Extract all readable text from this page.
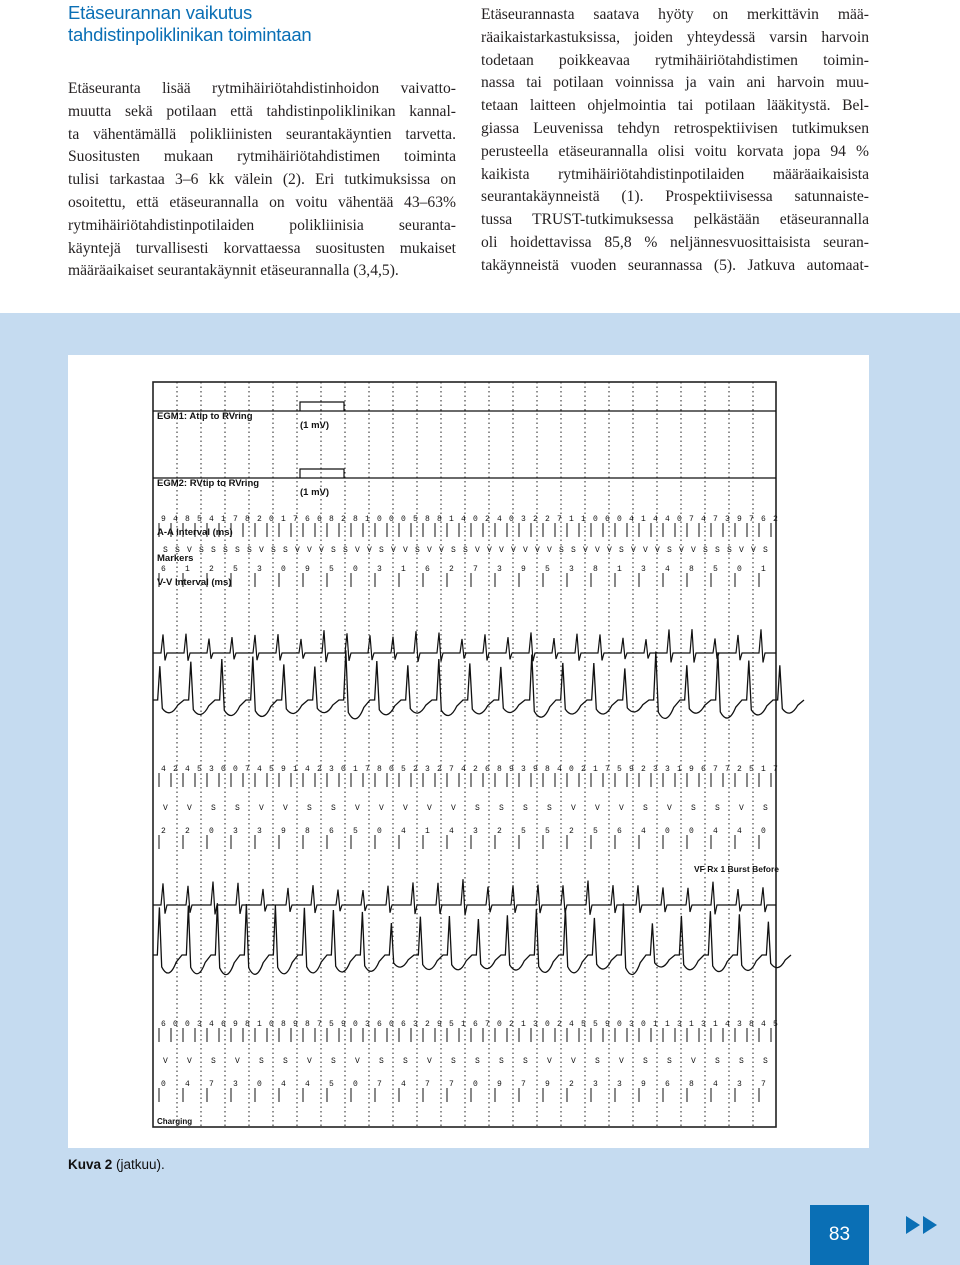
Etäseurannan vaikutus
tahdistinpoliklinikan toimintaan

Etäseuranta lisää rytmihäiriötahdistinhoidon vaivatto-
muutta sekä potilaan että tahdistinpoliklinikan kannal-
ta vähentämällä polikliinisten seurantakäyntien tarvetta.
Suositusten mukaan rytmihäiriötahdistimen toiminta
tulisi tarkastaa 3–6 kk välein (2). Eri tutkimuksissa on
osoitettu, että etäseurannalla on voitu vähentää 43–63%
rytmihäiriötahdistinpotilaiden polikliinisia seuranta-
käyntejä turvallisesti korvattaessa suositusten mukaiset
määräaikaiset seurantakäynnit etäseurannalla (3,4,5).

Etäseurannasta saatava hyöty on merkittävin mää-
räaikaistarkastuksissa, joiden yhteydessä varsin harvoin
todetaan poikkeavaa rytmihäiriötahdistimen toimin-
nassa tai potilaan voinnissa ja vain ani harvoin muu-
tetaan laitteen ohjelmointia tai potilaan lääkitystä. Bel-
giassa Leuvenissa tehdyn retrospektiivisen tutkimuksen
perusteella etäseurannalla olisi voitu korvata jopa 94 %
kaikista rytmihäiriötahdistinpotilaiden määräaikaisista
seurantakäynneistä (1). Prospektiivisessa satunnaiste-
tussa TRUST-tutkimuksessa pelkästään etäseurannalla
oli hoidettavissa 85,8 % neljännesvuosittaisista seuran-
takäynneistä vuoden seurannassa (5). Jatkuva automaat-

9 4 8 5 4 1 7 8 2 0 1 7 6 6 8 2 8 1 0 0 0 5 8 8 1 4 0 2 4 0 3 2 2 7 1 1 0 6 0 4 1 4 4 0 7 4 7 3 9 7 6 2
S S V S S S S S V S S V V V S S V V S V V S V V S S V V V V V V V S S V V V S V V V S V V S S S V V S
6 1 2 5 3 0 9 5 0 3 1 6 2 7 3 9 5 3 8 1 3 4 8 5 0 1
4 2 4 5 3 0 0 7 4 5 9 1 4 2 3 0 1 7 8 0 5 2 3 2 7 4 2 6 8 9 3 9 8 4 0 2 1 7 5 9 2 3 3 1 9 6 7 7 2 5 1 7
V V S S V V S S V V V V V S S S S V V V S V S S V S
2 2 0 3 3 9 8 6 5 0 4 1 4 3 2 5 5 2 5 6 4 0 0 4 4 0
6 0 0 3 4 6 9 8 1 0 8 9 8 7 5 9 0 3 6 0 6 3 2 9 5 1 6 7 0 2 1 3 0 2 4 5 5 9 0 3 0 1 1 3 1 3 1 4 3 8 4 5
V V S V S S V S V S S V S S S S V V S V S S V S S S
0 4 7 3 0 4 4 5 0 7 4 7 7 0 9 7 9 2 3 3 9 6 8 4 3 7
EGM1: Atip to RVring
EGM2: RVtip to RVring
(1 mV)
(1 mV)
A-A Interval (ms)
Markers
V-V Interval (ms)
VF Rx 1 Burst Before
Charging
Kuva 2 (jatkuu).
83
